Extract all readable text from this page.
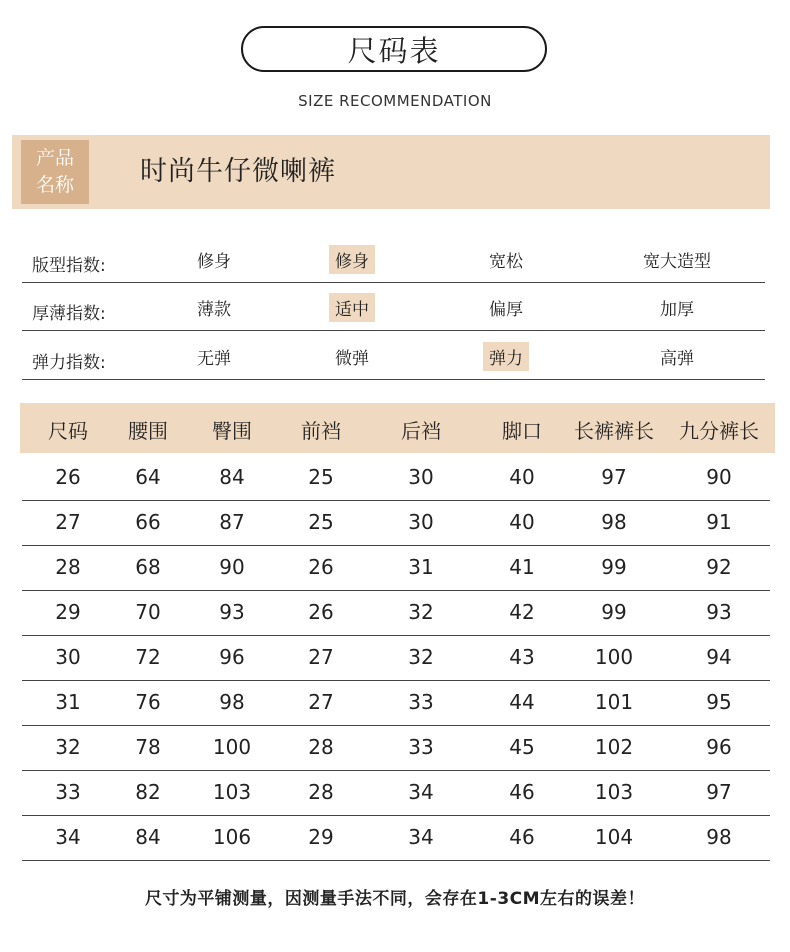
尺码表
SIZE RECOMMENDATION
产品
名称 时尚牛仔微喇裤
版型指数:	修身	修身	宽松	宽大造型
厚薄指数:	薄款	适中	偏厚	加厚
弹力指数:	无弹	微弹	弹力	高弹
尺码 腰围 臀围 前裆	后裆	脚口 长裤裤长 九分裤长
26	64	84	25	30	40	97	90
27	66	87	25	30	40	98	91
28	68	90	26	31	41	99	92
29	70	93	26	32	42	99	93
30	72	96	27	32	43	100	94
31	76	98	27	33	44	101	95
32	78	100	28	33	45	102	96
33	82	103	28	34	46	103	97
34	84	106	29	34	46	104	98
尺寸为平铺测量，因测量手法不同，会存在1-3CM左右的误差！
